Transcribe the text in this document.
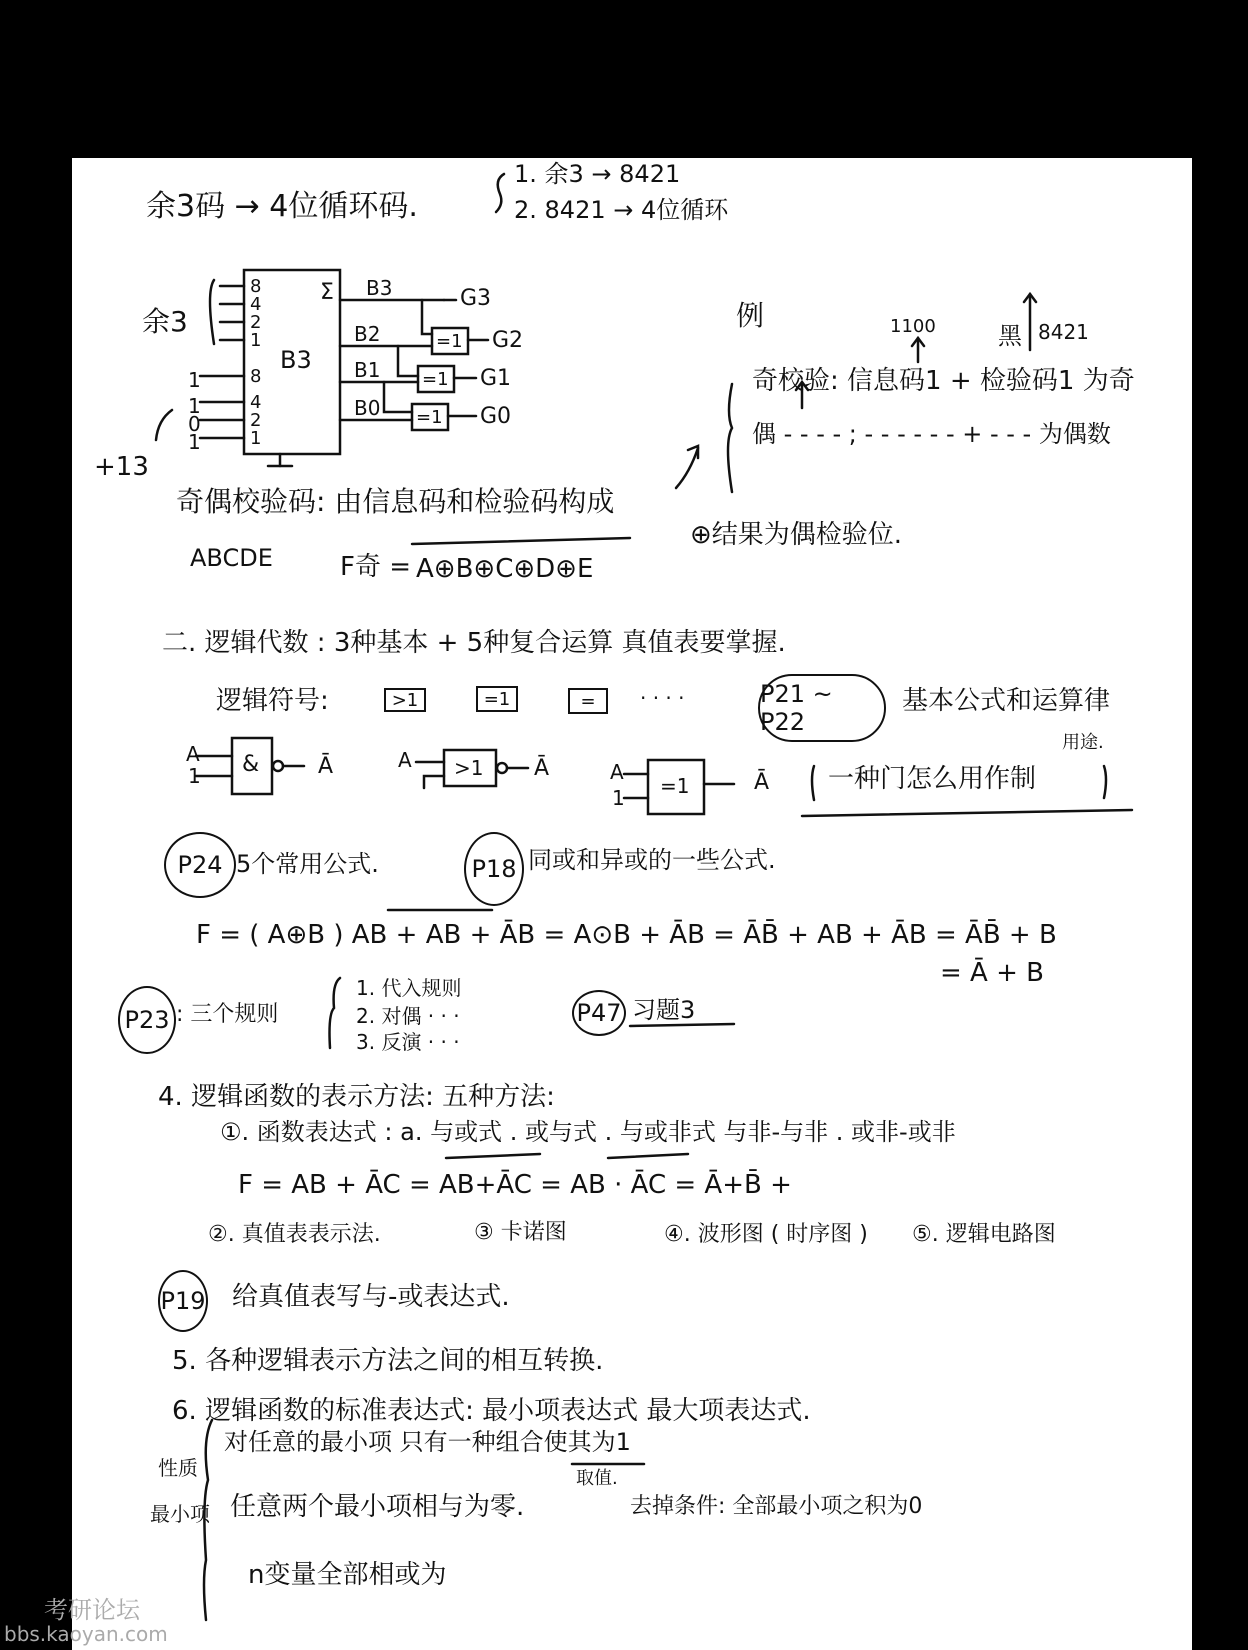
余3码 → 4位循环码.
1. 余3 → 8421
2. 8421 → 4位循环
余3
B3
Σ
8
4
2
1
8
4
2
1
1
1
0
1
+13
B3
B2
B1
B0
=1
=1
=1
G3
G2
G1
G0
例	1100	黑 8421
奇校验: 信息码1 + 检验码1 为奇
偶 - - - - ; - - - - - - + - - - 为偶数
奇偶校验码: 由信息码和检验码构成
ABCDE	F奇 = A⊕B⊕C⊕D⊕E
⊕结果为偶检验位.
二. 逻辑代数 : 3种基本 + 5种复合运算 真值表要掌握.
逻辑符号:	>1	=1	=	· · · ·	P21 ~ P22
基本公式和运算律
A
1 &	Ā	A >1 Ā	A
1 =1	Ā
用途.
一种门怎么用作制
P24 5个常用公式.	P18 同或和异或的一些公式.
F = ( A⊕B ) AB + AB + ĀB = A⊙B + ĀB = ĀB̄ + AB + ĀB = ĀB̄ + B
= Ā + B
P23 : 三个规则
1. 代入规则
2. 对偶 · · ·
3. 反演 · · ·
P47 习题3
4. 逻辑函数的表示方法: 五种方法:
①. 函数表达式 : a. 与或式 . 或与式 . 与或非式 与非-与非 . 或非-或非
F = AB + ĀC = AB+ĀC = AB · ĀC = Ā+B̄ +
②. 真值表表示法.	③ 卡诺图	④. 波形图 ( 时序图 ) ⑤. 逻辑电路图
P19 给真值表写与-或表达式.
5. 各种逻辑表示方法之间的相互转换.
6. 逻辑函数的标准表达式: 最小项表达式 最大项表达式.
性质
最小项
对任意的最小项 只有一种组合使其为1
取值.
任意两个最小项相与为零.	去掉条件: 全部最小项之积为0
n变量全部相或为
考研论坛
bbs.kaoyan.com
